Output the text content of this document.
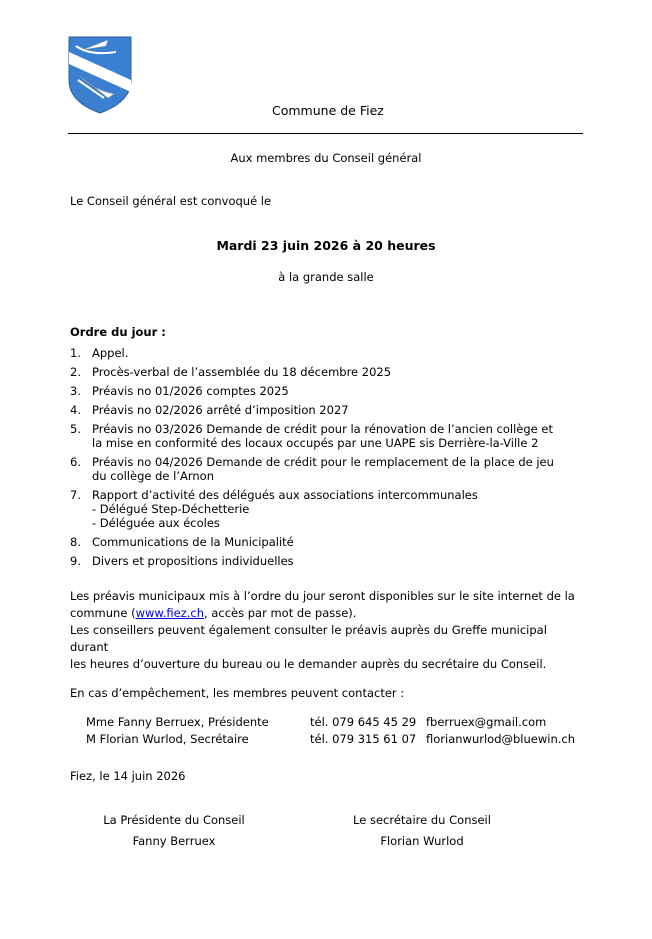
Commune de Fiez
Aux membres du Conseil général
Le Conseil général est convoqué le
Mardi 23 juin 2026 à 20 heures
à la grande salle
Ordre du jour :
1. Appel.
2. Procès-verbal de l’assemblée du 18 décembre 2025
3. Préavis no 01/2026 comptes 2025
4. Préavis no 02/2026 arrêté d’imposition 2027
5. Préavis no 03/2026 Demande de crédit pour la rénovation de l’ancien collège et
la mise en conformité des locaux occupés par une UAPE sis Derrière-la-Ville 2
6. Préavis no 04/2026 Demande de crédit pour le remplacement de la place de jeu
du collège de l’Arnon
7. Rapport d’activité des délégués aux associations intercommunales
- Délégué Step-Déchetterie
- Déléguée aux écoles
8. Communications de la Municipalité
9. Divers et propositions individuelles
Les préavis municipaux mis à l’ordre du jour seront disponibles sur le site internet de la
commune (www.fiez.ch, accès par mot de passe).
Les conseillers peuvent également consulter le préavis auprès du Greffe municipal durant
les heures d’ouverture du bureau ou le demander auprès du secrétaire du Conseil.
En cas d’empêchement, les membres peuvent contacter :
Mme Fanny Berruex, Présidente	tél. 079 645 45 29 fberruex@gmail.com
M Florian Wurlod, Secrétaire	tél. 079 315 61 07 florianwurlod@bluewin.ch
Fiez, le 14 juin 2026
La Présidente du Conseil
Fanny Berruex
Le secrétaire du Conseil
Florian Wurlod
